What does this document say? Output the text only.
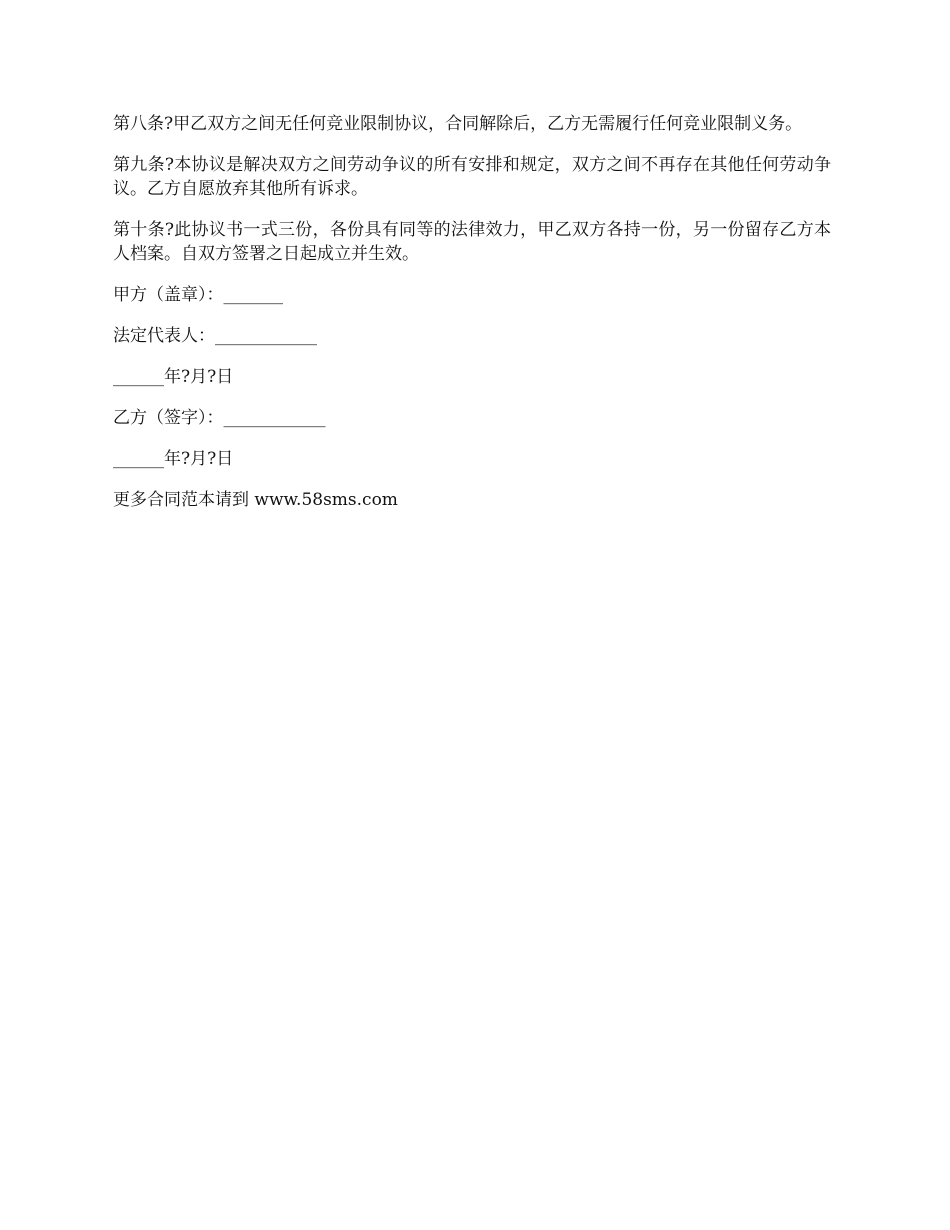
第八条?甲乙双方之间无任何竞业限制协议，合同解除后，乙方无需履行任何竞业限制义务。

第九条?本协议是解决双方之间劳动争议的所有安排和规定，双方之间不再存在其他任何劳动争议。乙方自愿放弃其他所有诉求。

第十条?此协议书一式三份，各份具有同等的法律效力，甲乙双方各持一份，另一份留存乙方本人档案。自双方签署之日起成立并生效。

甲方（盖章）：_______

法定代表人：____________

______年?月?日

乙方（签字）：____________

______年?月?日

更多合同范本请到 www.58sms.com
